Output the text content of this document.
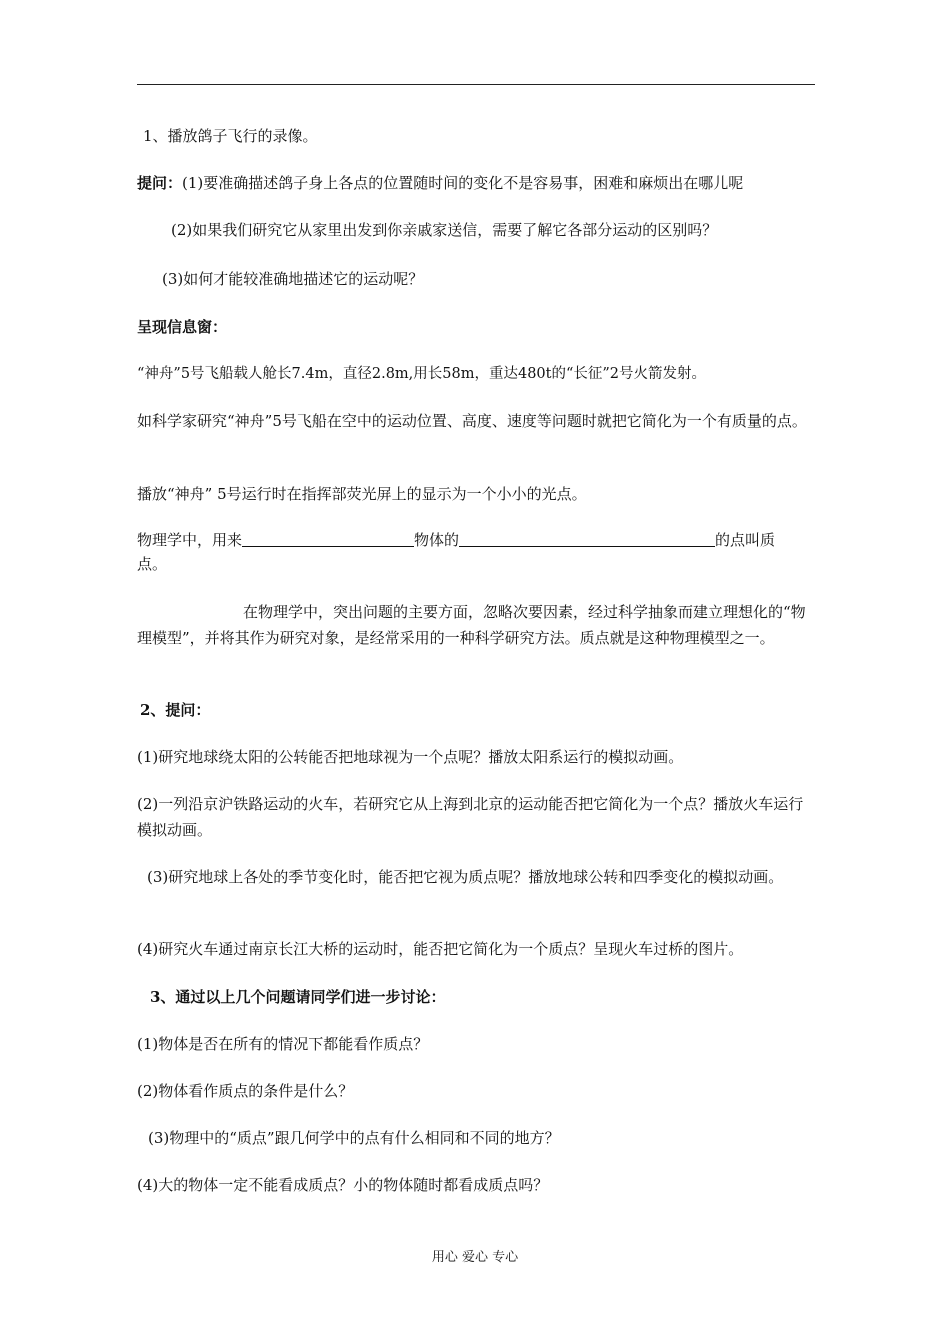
1、播放鸽子飞行的录像。
提问：(1)要准确描述鸽子身上各点的位置随时间的变化不是容易事，困难和麻烦出在哪儿呢
(2)如果我们研究它从家里出发到你亲戚家送信，需要了解它各部分运动的区别吗？
(3)如何才能较准确地描述它的运动呢？
呈现信息窗：
“神舟”5号飞船载人舱长7.4m，直径2.8m,用长58m，重达480t的“长征”2号火箭发射。
如科学家研究“神舟”5号飞船在空中的运动位置、高度、速度等问题时就把它简化为一个有质量的点。
播放“神舟” 5号运行时在指挥部荧光屏上的显示为一个小小的光点。
物理学中，用来	物体的	的点叫质
点。
在物理学中，突出问题的主要方面，忽略次要因素，经过科学抽象而建立理想化的“物理模型”，并将其作为研究对象，是经常采用的一种科学研究方法。质点就是这种物理模型之一。
2、提问：
(1)研究地球绕太阳的公转能否把地球视为一个点呢？播放太阳系运行的模拟动画。
(2)一列沿京沪铁路运动的火车，若研究它从上海到北京的运动能否把它简化为一个点？播放火车运行模拟动画。
(3)研究地球上各处的季节变化时，能否把它视为质点呢？播放地球公转和四季变化的模拟动画。
(4)研究火车通过南京长江大桥的运动时，能否把它简化为一个质点？呈现火车过桥的图片。
3、通过以上几个问题请同学们进一步讨论：
(1)物体是否在所有的情况下都能看作质点？
(2)物体看作质点的条件是什么？
(3)物理中的“质点”跟几何学中的点有什么相同和不同的地方？
(4)大的物体一定不能看成质点？小的物体随时都看成质点吗？
用心 爱心 专心
